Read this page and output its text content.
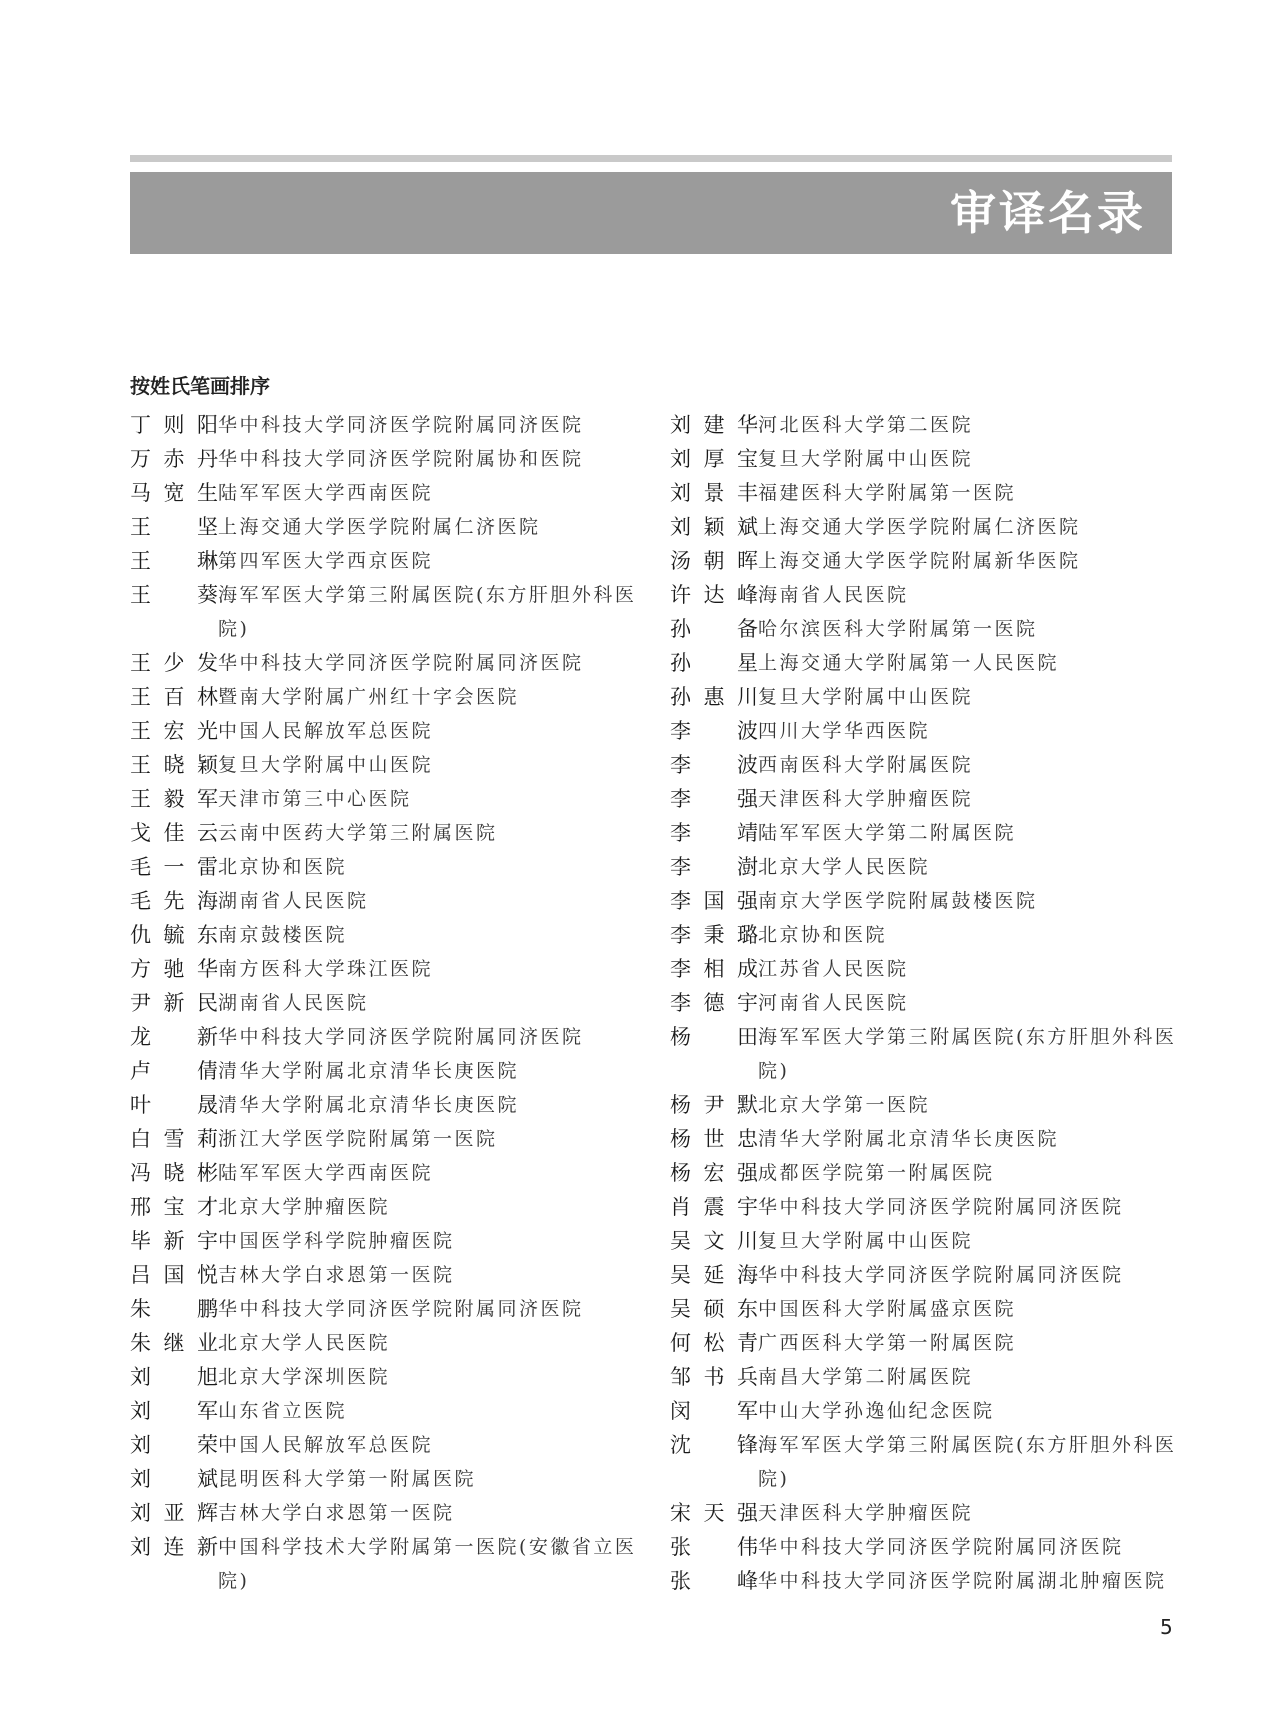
审译名录
按姓氏笔画排序
丁则阳 华中科技大学同济医学院附属同济医院
万赤丹 华中科技大学同济医学院附属协和医院
马宽生 陆军军医大学西南医院
王　坚 上海交通大学医学院附属仁济医院
王　琳 第四军医大学西京医院
王　葵 海军军医大学第三附属医院(东方肝胆外科医院)
王少发 华中科技大学同济医学院附属同济医院
王百林 暨南大学附属广州红十字会医院
王宏光 中国人民解放军总医院
王晓颖 复旦大学附属中山医院
王毅军 天津市第三中心医院
戈佳云 云南中医药大学第三附属医院
毛一雷 北京协和医院
毛先海 湖南省人民医院
仇毓东 南京鼓楼医院
方驰华 南方医科大学珠江医院
尹新民 湖南省人民医院
龙　新 华中科技大学同济医学院附属同济医院
卢　倩 清华大学附属北京清华长庚医院
叶　晟 清华大学附属北京清华长庚医院
白雪莉 浙江大学医学院附属第一医院
冯晓彬 陆军军医大学西南医院
邢宝才 北京大学肿瘤医院
毕新宇 中国医学科学院肿瘤医院
吕国悦 吉林大学白求恩第一医院
朱　鹏 华中科技大学同济医学院附属同济医院
朱继业 北京大学人民医院
刘　旭 北京大学深圳医院
刘　军 山东省立医院
刘　荣 中国人民解放军总医院
刘　斌 昆明医科大学第一附属医院
刘亚辉 吉林大学白求恩第一医院
刘连新 中国科学技术大学附属第一医院(安徽省立医院)
刘建华 河北医科大学第二医院
刘厚宝 复旦大学附属中山医院
刘景丰 福建医科大学附属第一医院
刘颖斌 上海交通大学医学院附属仁济医院
汤朝晖 上海交通大学医学院附属新华医院
许达峰 海南省人民医院
孙　备 哈尔滨医科大学附属第一医院
孙　星 上海交通大学附属第一人民医院
孙惠川 复旦大学附属中山医院
李　波 四川大学华西医院
李　波 西南医科大学附属医院
李　强 天津医科大学肿瘤医院
李　靖 陆军军医大学第二附属医院
李　澍 北京大学人民医院
李国强 南京大学医学院附属鼓楼医院
李秉璐 北京协和医院
李相成 江苏省人民医院
李德宇 河南省人民医院
杨　田 海军军医大学第三附属医院(东方肝胆外科医院)
杨尹默 北京大学第一医院
杨世忠 清华大学附属北京清华长庚医院
杨宏强 成都医学院第一附属医院
肖震宇 华中科技大学同济医学院附属同济医院
吴文川 复旦大学附属中山医院
吴延海 华中科技大学同济医学院附属同济医院
吴硕东 中国医科大学附属盛京医院
何松青 广西医科大学第一附属医院
邹书兵 南昌大学第二附属医院
闵　军 中山大学孙逸仙纪念医院
沈　锋 海军军医大学第三附属医院(东方肝胆外科医院)
宋天强 天津医科大学肿瘤医院
张　伟 华中科技大学同济医学院附属同济医院
张　峰 华中科技大学同济医学院附属湖北肿瘤医院
5
